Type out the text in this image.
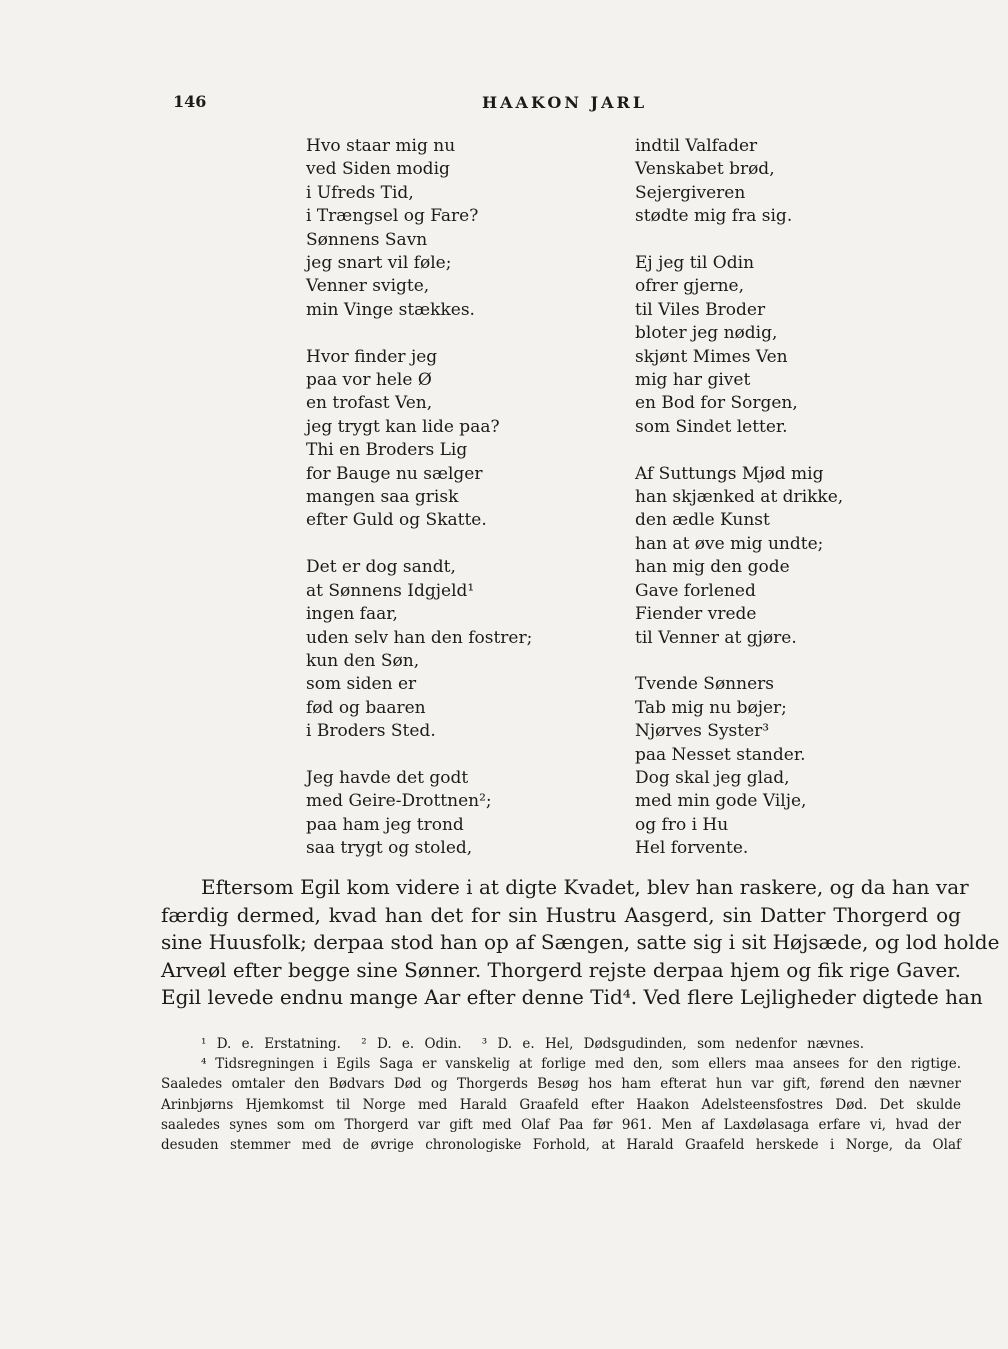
146	HAAKON JARL
Hvo staar mig nu
ved Siden modig
i Ufreds Tid,
i Trængsel og Fare?
Sønnens Savn
jeg snart vil føle;
Venner svigte,
min Vinge stækkes.
Hvor finder jeg
paa vor hele Ø
en trofast Ven,
jeg trygt kan lide paa?
Thi en Broders Lig
for Bauge nu sælger
mangen saa grisk
efter Guld og Skatte.
Det er dog sandt,
at Sønnens Idgjeld¹
ingen faar,
uden selv han den fostrer;
kun den Søn,
som siden er
fød og baaren
i Broders Sted.
Jeg havde det godt
med Geire-Drottnen²;
paa ham jeg trond
saa trygt og stoled,
indtil Valfader
Venskabet brød,
Sejergiveren
stødte mig fra sig.
Ej jeg til Odin
ofrer gjerne,
til Viles Broder
bloter jeg nødig,
skjønt Mimes Ven
mig har givet
en Bod for Sorgen,
som Sindet letter.
Af Suttungs Mjød mig
han skjænked at drikke,
den ædle Kunst
han at øve mig undte;
han mig den gode
Gave forlened
Fiender vrede
til Venner at gjøre.
Tvende Sønners
Tab mig nu bøjer;
Njørves Syster³
paa Nesset stander.
Dog skal jeg glad,
med min gode Vilje,
og fro i Hu
Hel forvente.
Eftersom Egil kom videre i at digte Kvadet, blev han raskere, og da han var
færdig dermed, kvad han det for sin Hustru Aasgerd, sin Datter Thorgerd og
sine Huusfolk; derpaa stod han op af Sængen, satte sig i sit Højsæde, og lod holde
Arveøl efter begge sine Sønner. Thorgerd rejste derpaa hjem og fik rige Gaver.
Egil levede endnu mange Aar efter denne Tid⁴. Ved flere Lejligheder digtede han
¹ D. e. Erstatning. ² D. e. Odin. ³ D. e. Hel, Dødsgudinden, som nedenfor nævnes.
⁴ Tidsregningen i Egils Saga er vanskelig at forlige med den, som ellers maa ansees for den rigtige.
Saaledes omtaler den Bødvars Død og Thorgerds Besøg hos ham efterat hun var gift, førend den nævner
Arinbjørns Hjemkomst til Norge med Harald Graafeld efter Haakon Adelsteensfostres Død. Det skulde
saaledes synes som om Thorgerd var gift med Olaf Paa før 961. Men af Laxdølasaga erfare vi, hvad der
desuden stemmer med de øvrige chronologiske Forhold, at Harald Graafeld herskede i Norge, da Olaf
